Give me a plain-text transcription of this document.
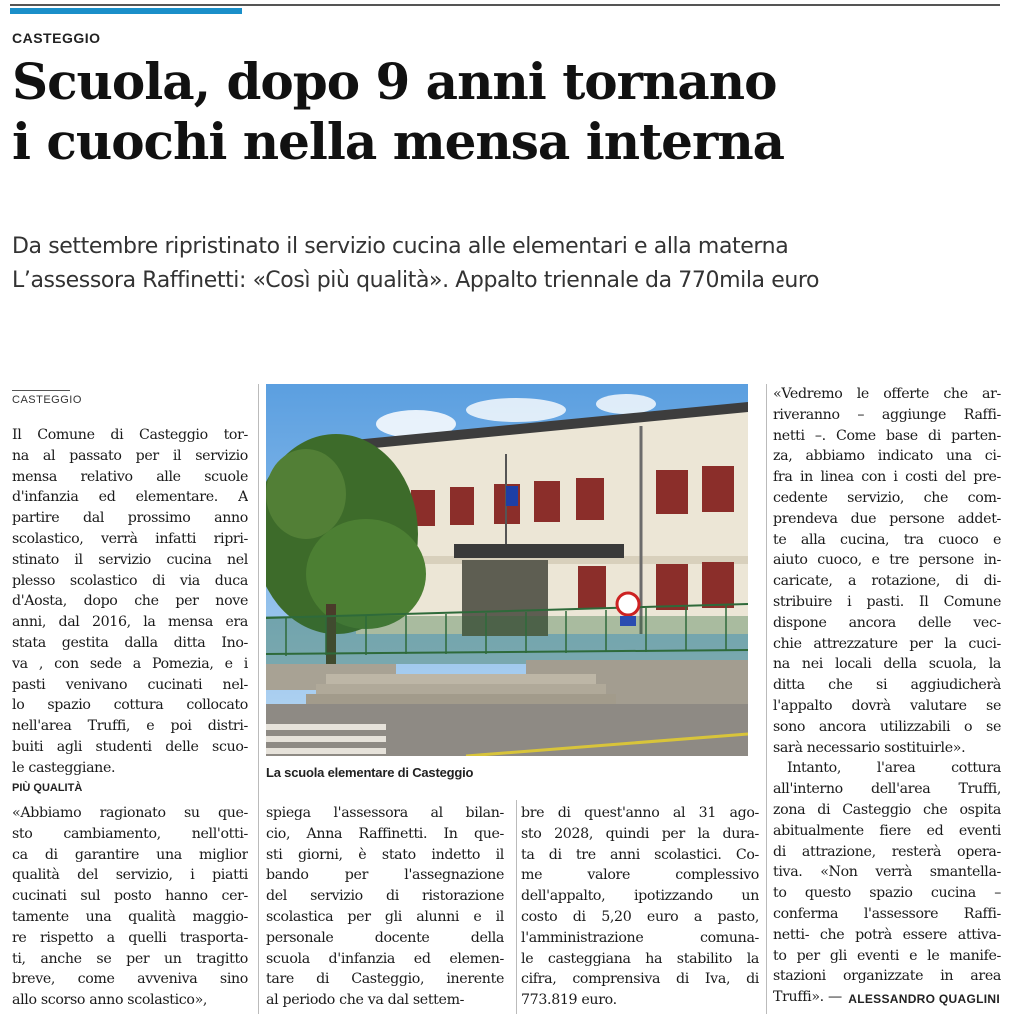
CASTEGGIO
Scuola, dopo 9 anni tornano
i cuochi nella mensa interna
Da settembre ripristinato il servizio cucina alle elementari e alla materna
L’assessora Raffinetti: «Così più qualità». Appalto triennale da 770mila euro
CASTEGGIO
Il Comune di Casteggio tor-
na al passato per il servizio
mensa relativo alle scuole
d'infanzia ed elementare. A
partire dal prossimo anno
scolastico, verrà infatti ripri-
stinato il servizio cucina nel
plesso scolastico di via duca
d'Aosta, dopo che per nove
anni, dal 2016, la mensa era
stata gestita dalla ditta Ino-
va , con sede a Pomezia, e i
pasti venivano cucinati nel-
lo spazio cottura collocato
nell'area Truffi, e poi distri-
buiti agli studenti delle scuo-
le casteggiane.
PIÙ QUALITÀ
«Abbiamo ragionato su que-
sto cambiamento, nell'otti-
ca di garantire una miglior
qualità del servizio, i piatti
cucinati sul posto hanno cer-
tamente una qualità maggio-
re rispetto a quelli trasporta-
ti, anche se per un tragitto
breve, come avveniva sino
allo scorso anno scolastico»,
La scuola elementare di Casteggio
spiega l'assessora al bilan-
cio, Anna Raffinetti. In que-
sti giorni, è stato indetto il
bando per l'assegnazione
del servizio di ristorazione
scolastica per gli alunni e il
personale docente della
scuola d'infanzia ed elemen-
tare di Casteggio, inerente
al periodo che va dal settem-
bre di quest'anno al 31 ago-
sto 2028, quindi per la dura-
ta di tre anni scolastici. Co-
me valore complessivo
dell'appalto, ipotizzando un
costo di 5,20 euro a pasto,
l'amministrazione comuna-
le casteggiana ha stabilito la
cifra, comprensiva di Iva, di
773.819 euro.
«Vedremo le offerte che ar-
riveranno – aggiunge Raffi-
netti –. Come base di parten-
za, abbiamo indicato una ci-
fra in linea con i costi del pre-
cedente servizio, che com-
prendeva due persone addet-
te alla cucina, tra cuoco e
aiuto cuoco, e tre persone in-
caricate, a rotazione, di di-
stribuire i pasti. Il Comune
dispone ancora delle vec-
chie attrezzature per la cuci-
na nei locali della scuola, la
ditta che si aggiudicherà
l'appalto dovrà valutare se
sono ancora utilizzabili o se
sarà necessario sostituirle».
Intanto, l'area cottura
all'interno dell'area Truffi,
zona di Casteggio che ospita
abitualmente fiere ed eventi
di attrazione, resterà opera-
tiva. «Non verrà smantella-
to questo spazio cucina –
conferma l'assessore Raffi-
netti- che potrà essere attiva-
to per gli eventi e le manife-
stazioni organizzate in area
Truffi». — ALESSANDRO QUAGLINI
